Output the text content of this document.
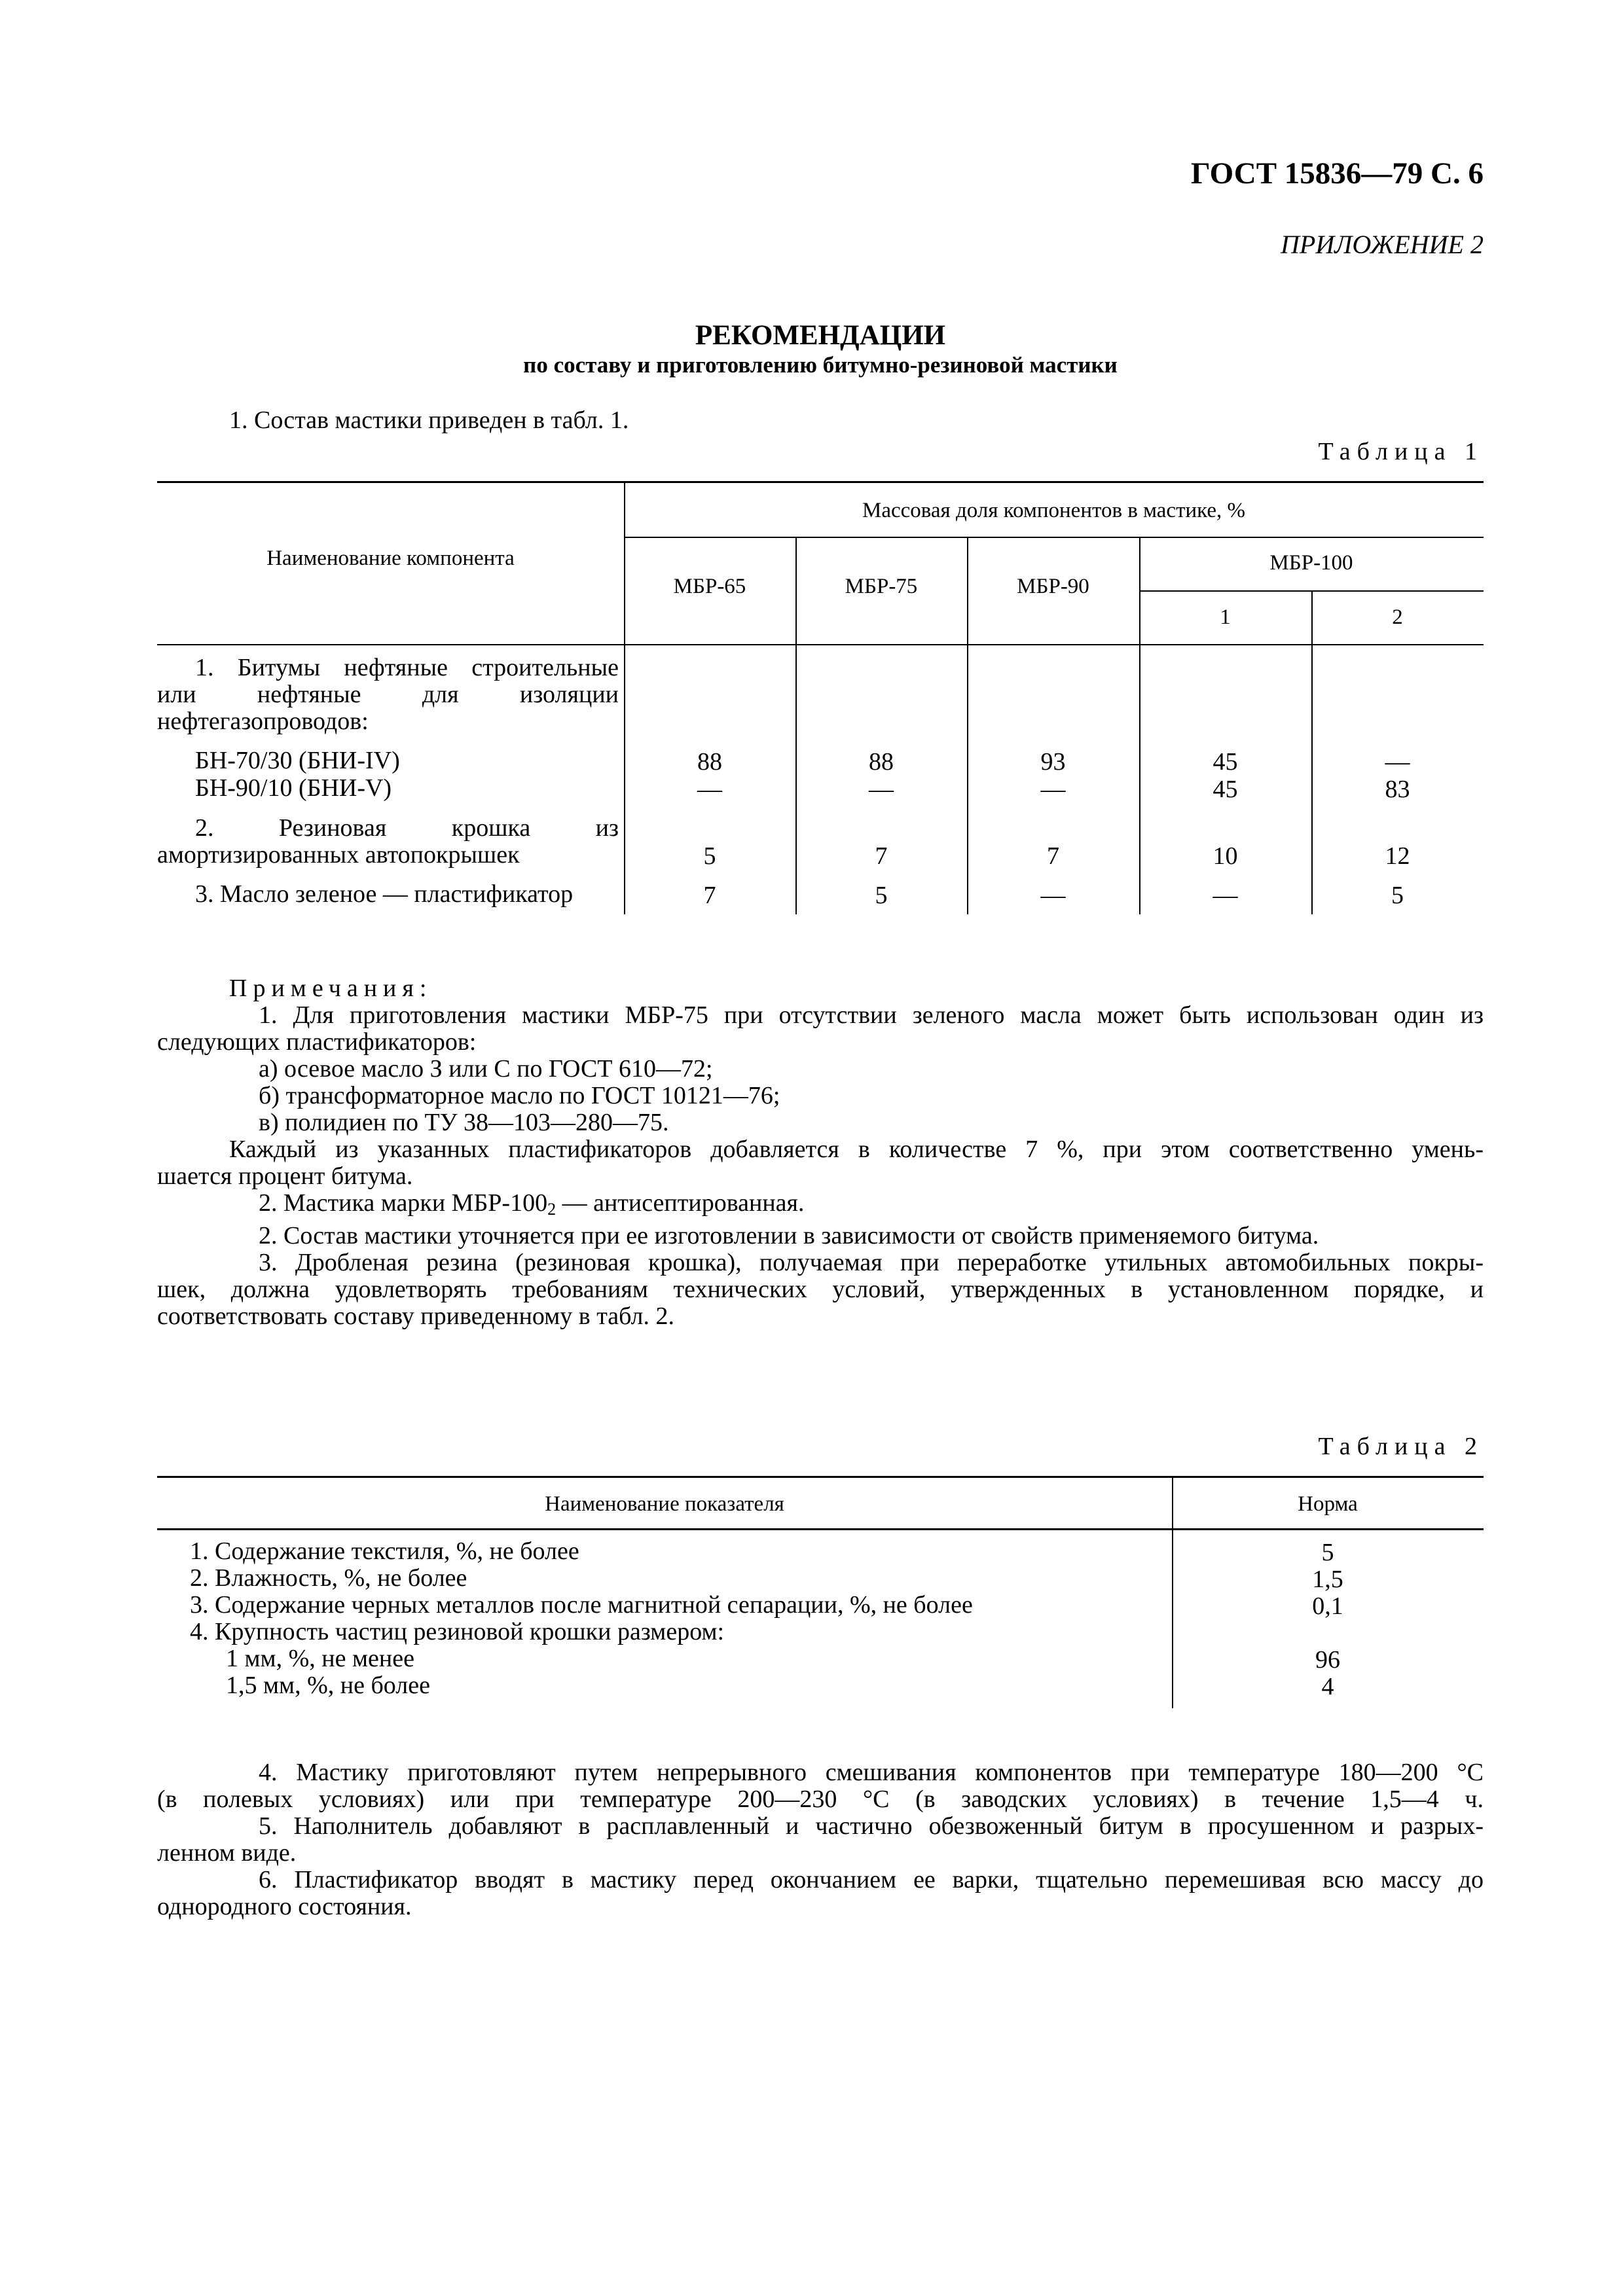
ГОСТ 15836—79 С. 6
ПРИЛОЖЕНИЕ 2
РЕКОМЕНДАЦИИ
по составу и приготовлению битумно-резиновой мастики
1. Состав мастики приведен в табл. 1.
Таблица 1
Наименование компонента
Массовая доля компонентов в мастике, %
МБР-65	МБР-75	МБР-90
МБР-100
1	2
1. Битумы нефтяные строительные
или нефтяные для изоляции
нефтегазопроводов:
БН-70/30 (БНИ-IV)	88	88	93	45	—
БН-90/10 (БНИ-V)	—	—	—	45	83
2. Резиновая крошка из
амортизированных автопокрышек	5	7	7	10	12
3. Масло зеленое — пластификатор	7	5	—	—	5
Примечания:
1. Для приготовления мастики МБР-75 при отсутствии зеленого масла может быть использован один из
следующих пластификаторов:
а) осевое масло З или С по ГОСТ 610—72;
б) трансформаторное масло по ГОСТ 10121—76;
в) полидиен по ТУ 38—103—280—75.
Каждый из указанных пластификаторов добавляется в количестве 7 %, при этом соответственно умень-
шается процент битума.
2. Мастика марки МБР-$100_2$ — антисептированная.
2. Состав мастики уточняется при ее изготовлении в зависимости от свойств применяемого битума.
3. Дробленая резина (резиновая крошка), получаемая при переработке утильных автомобильных покры-
шек, должна удовлетворять требованиям технических условий, утвержденных в установленном порядке, и
соответствовать составу приведенному в табл. 2.
Таблица 2
Наименование показателя	Норма
1. Содержание текстиля, %, не более	5
2. Влажность, %, не более	1,5
3. Содержание черных металлов после магнитной сепарации, %, не более	0,1
4. Крупность частиц резиновой крошки размером:
1 мм, %, не менее	96
1,5 мм, %, не более	4
4. Мастику приготовляют путем непрерывного смешивания компонентов при температуре 180—200 °С
(в полевых условиях) или при температуре 200—230 °С (в заводских условиях) в течение 1,5—4 ч.
5. Наполнитель добавляют в расплавленный и частично обезвоженный битум в просушенном и разрых-
ленном виде.
6. Пластификатор вводят в мастику перед окончанием ее варки, тщательно перемешивая всю массу до
однородного состояния.
